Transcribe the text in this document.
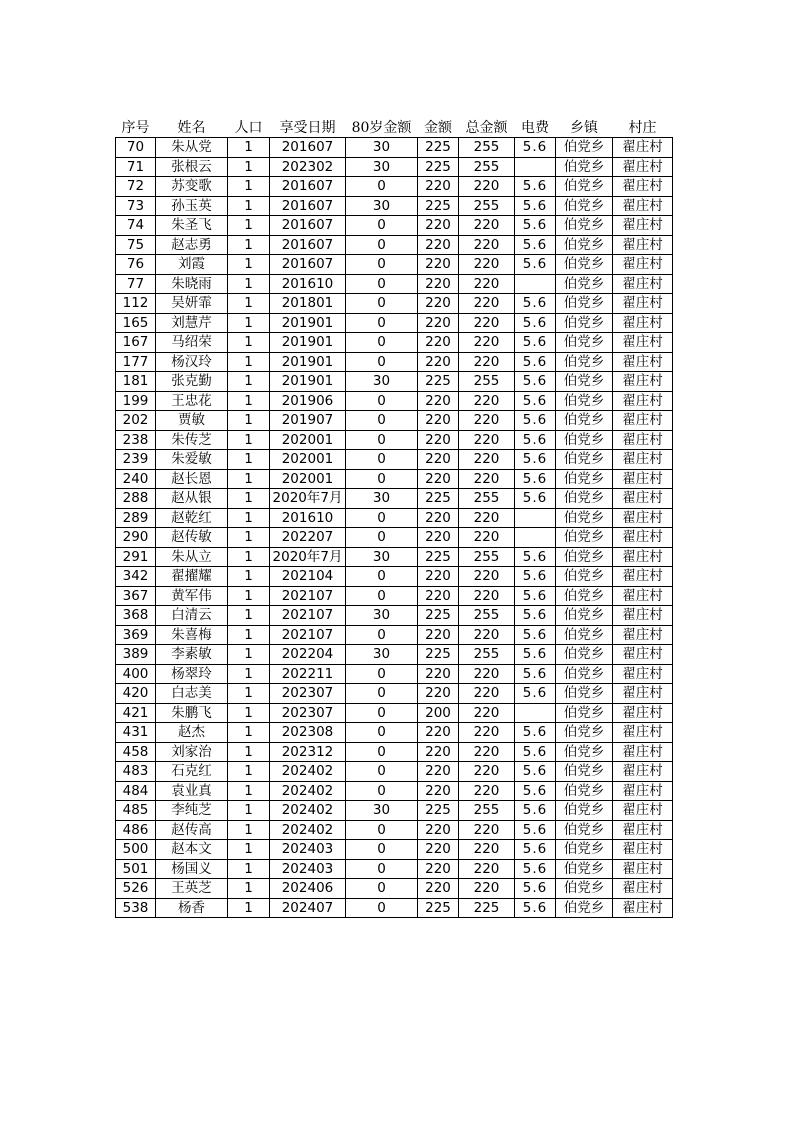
序号	姓名	人口	享受日期	80岁金额	金额	总金额	电费	乡镇	村庄
70	朱从党	1	201607	30	225	255	5.6	伯党乡	翟庄村
71	张根云	1	202302	30	225	255		伯党乡	翟庄村
72	苏变歌	1	201607	0	220	220	5.6	伯党乡	翟庄村
73	孙玉英	1	201607	30	225	255	5.6	伯党乡	翟庄村
74	朱圣飞	1	201607	0	220	220	5.6	伯党乡	翟庄村
75	赵志勇	1	201607	0	220	220	5.6	伯党乡	翟庄村
76	刘霞	1	201607	0	220	220	5.6	伯党乡	翟庄村
77	朱晓雨	1	201610	0	220	220		伯党乡	翟庄村
112	吴妍霏	1	201801	0	220	220	5.6	伯党乡	翟庄村
165	刘慧芹	1	201901	0	220	220	5.6	伯党乡	翟庄村
167	马绍荣	1	201901	0	220	220	5.6	伯党乡	翟庄村
177	杨汉玲	1	201901	0	220	220	5.6	伯党乡	翟庄村
181	张克勤	1	201901	30	225	255	5.6	伯党乡	翟庄村
199	王忠花	1	201906	0	220	220	5.6	伯党乡	翟庄村
202	贾敏	1	201907	0	220	220	5.6	伯党乡	翟庄村
238	朱传芝	1	202001	0	220	220	5.6	伯党乡	翟庄村
239	朱爱敏	1	202001	0	220	220	5.6	伯党乡	翟庄村
240	赵长恩	1	202001	0	220	220	5.6	伯党乡	翟庄村
288	赵从银	1	2020年7月	30	225	255	5.6	伯党乡	翟庄村
289	赵乾红	1	201610	0	220	220		伯党乡	翟庄村
290	赵传敏	1	202207	0	220	220		伯党乡	翟庄村
291	朱从立	1	2020年7月	30	225	255	5.6	伯党乡	翟庄村
342	翟擢耀	1	202104	0	220	220	5.6	伯党乡	翟庄村
367	黄军伟	1	202107	0	220	220	5.6	伯党乡	翟庄村
368	白清云	1	202107	30	225	255	5.6	伯党乡	翟庄村
369	朱喜梅	1	202107	0	220	220	5.6	伯党乡	翟庄村
389	李素敏	1	202204	30	225	255	5.6	伯党乡	翟庄村
400	杨翠玲	1	202211	0	220	220	5.6	伯党乡	翟庄村
420	白志美	1	202307	0	220	220	5.6	伯党乡	翟庄村
421	朱鹏飞	1	202307	0	200	220		伯党乡	翟庄村
431	赵杰	1	202308	0	220	220	5.6	伯党乡	翟庄村
458	刘家治	1	202312	0	220	220	5.6	伯党乡	翟庄村
483	石克红	1	202402	0	220	220	5.6	伯党乡	翟庄村
484	袁业真	1	202402	0	220	220	5.6	伯党乡	翟庄村
485	李纯芝	1	202402	30	225	255	5.6	伯党乡	翟庄村
486	赵传高	1	202402	0	220	220	5.6	伯党乡	翟庄村
500	赵本文	1	202403	0	220	220	5.6	伯党乡	翟庄村
501	杨国义	1	202403	0	220	220	5.6	伯党乡	翟庄村
526	王英芝	1	202406	0	220	220	5.6	伯党乡	翟庄村
538	杨香	1	202407	0	225	225	5.6	伯党乡	翟庄村
